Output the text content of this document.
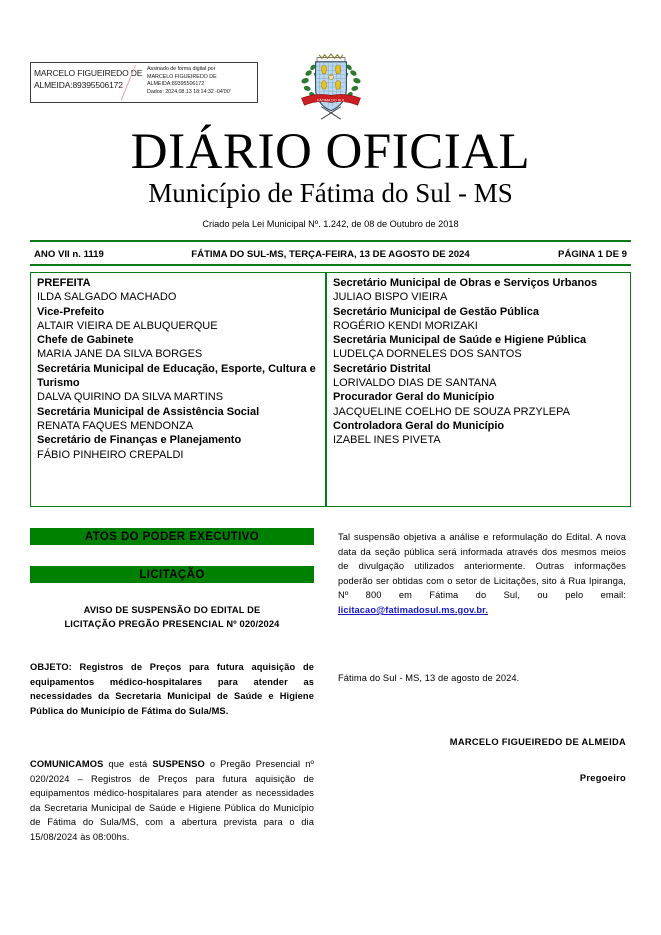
MARCELO FIGUEIREDO DE
ALMEIDA:89395506172
Assinado de forma digital por
MARCELO FIGUEIREDO DE
ALMEIDA:89395506172
Dados: 2024.08.13 18:14:32 -04'00'
FÁTIMA DO SUL
DIÁRIO OFICIAL
Município de Fátima do Sul - MS
Criado pela Lei Municipal Nº. 1.242, de 08 de Outubro de 2018
FÁTIMA DO SUL-MS, TERÇA-FEIRA, 13 DE AGOSTO DE 2024
ANO VII n. 1119	PÁGINA 1 DE 9
PREFEITA
ILDA SALGADO MACHADO
Vice-Prefeito
ALTAIR VIEIRA DE ALBUQUERQUE
Chefe de Gabinete
MARIA JANE DA SILVA BORGES
Secretária Municipal de Educação, Esporte, Cultura e Turismo
DALVA QUIRINO DA SILVA MARTINS
Secretária Municipal de Assistência Social
RENATA FAQUES MENDONZA
Secretário de Finanças e Planejamento
FÁBIO PINHEIRO CREPALDI
Secretário Municipal de Obras e Serviços Urbanos
JULIAO BISPO VIEIRA
Secretário Municipal de Gestão Pública
ROGÉRIO KENDI MORIZAKI
Secretária Municipal de Saúde e Higiene Pública
LUDELÇA DORNELES DOS SANTOS
Secretário Distrital
LORIVALDO DIAS DE SANTANA
Procurador Geral do Município
JACQUELINE COELHO DE SOUZA PRZYLEPA
Controladora Geral do Município
IZABEL INES PIVETA
ATOS DO PODER EXECUTIVO
LICITAÇÃO
AVISO DE SUSPENSÃO DO EDITAL DE
LICITAÇÃO PREGÃO PRESENCIAL Nº 020/2024
OBJETO: Registros de Preços para futura aquisição de equipamentos médico-hospitalares para atender as necessidades da Secretaria Municipal de Saúde e Higiene Pública do Município de Fátima do Sula/MS.
COMUNICAMOS que está SUSPENSO o Pregão Presencial nº 020/2024 – Registros de Preços para futura aquisição de equipamentos médico-hospitalares para atender as necessidades da Secretaria Municipal de Saúde e Higiene Pública do Município de Fátima do Sula/MS, com a abertura prevista para o dia 15/08/2024 às 08:00hs.
Tal suspensão objetiva a análise e reformulação do Edital. A nova data da seção pública será informada através dos mesmos meios de divulgação utilizados anteriormente. Outras informações poderão ser obtidas com o setor de Licitações, sito á Rua Ipiranga, Nº 800 em Fátima do Sul, ou pelo email: licitacao@fatimadosul.ms.gov.br.
Fátima do Sul - MS, 13 de agosto de 2024.
MARCELO FIGUEIREDO DE ALMEIDA
Pregoeiro
